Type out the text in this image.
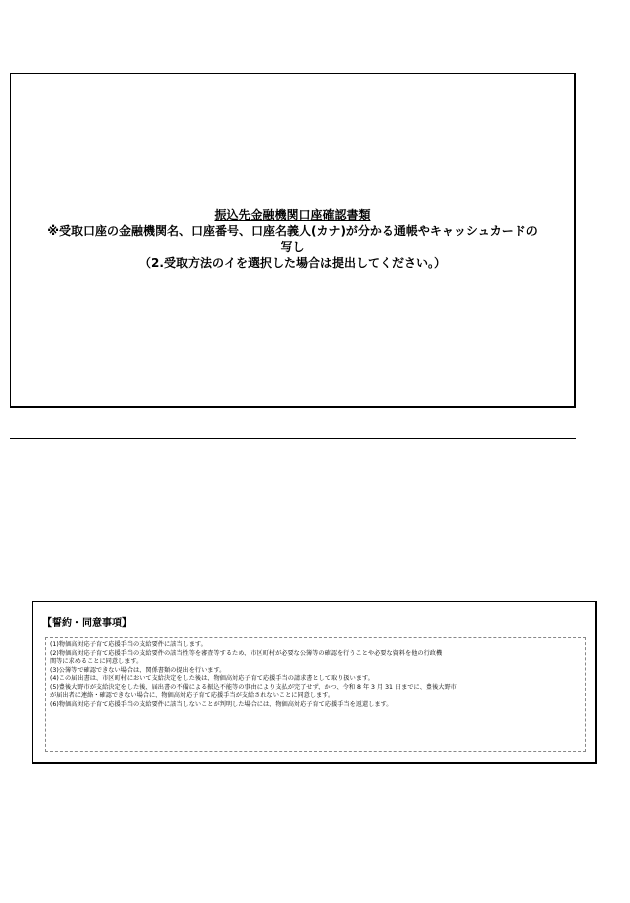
振込先金融機関口座確認書類
※受取口座の金融機関名、口座番号、口座名義人(カナ)が分かる通帳やキャッシュカードの
写し
（2.受取方法のイを選択した場合は提出してください。）
【誓約・同意事項】
(1)物価高対応子育て応援手当の支給要件に該当します。
(2)物価高対応子育て応援手当の支給要件の該当性等を審査等するため、市区町村が必要な公簿等の確認を行うことや必要な資料を他の行政機
関等に求めることに同意します。
(3)公簿等で確認できない場合は、関係書類の提出を行います。
(4)この届出書は、市区町村において支給決定をした後は、物価高対応子育て応援手当の請求書として取り扱います。
(5)豊後大野市が支給決定をした後、届出書の不備による振込不能等の事由により支払が完了せず、かつ、令和 8 年 3 月 31 日までに、豊後大野市
が届出者に連絡・確認できない場合に、物価高対応子育て応援手当が支給されないことに同意します。
(6)物価高対応子育て応援手当の支給要件に該当しないことが判明した場合には、物価高対応子育て応援手当を返還します。
